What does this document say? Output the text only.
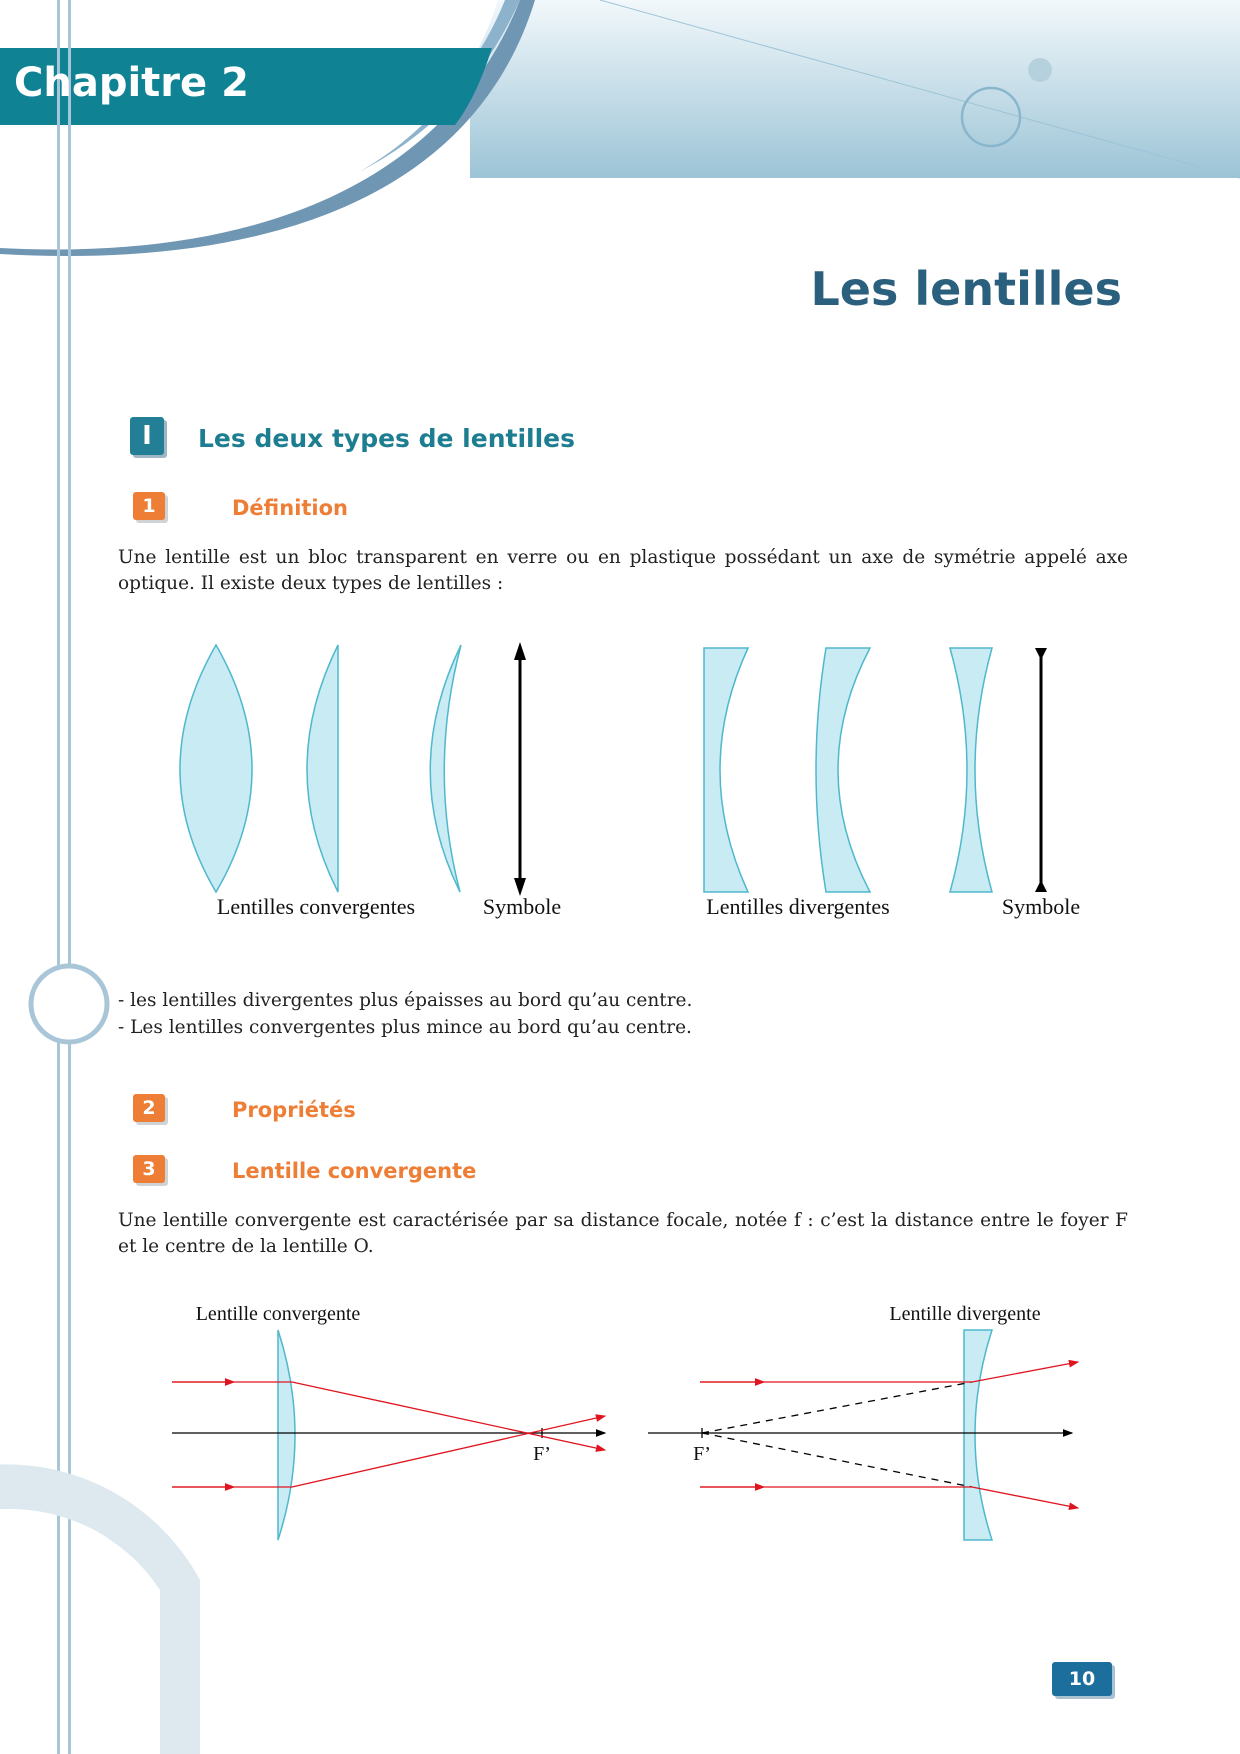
Chapitre 2
Les lentilles
I	Les deux types de lentilles
1	Définition
Une lentille est un bloc transparent en verre ou en plastique possédant un axe de symétrie appelé axe optique. Il existe deux types de lentilles :
Lentilles convergentes	Symbole	Lentilles divergentes	Symbole
- les lentilles divergentes plus épaisses au bord qu’au centre.
- Les lentilles convergentes plus mince au bord qu’au centre.
2	Propriétés
3	Lentille convergente
Une lentille convergente est caractérisée par sa distance focale, notée f : c’est la distance entre le foyer F et le centre de la lentille O.
Lentille convergente
F’
Lentille divergente
F’
10
